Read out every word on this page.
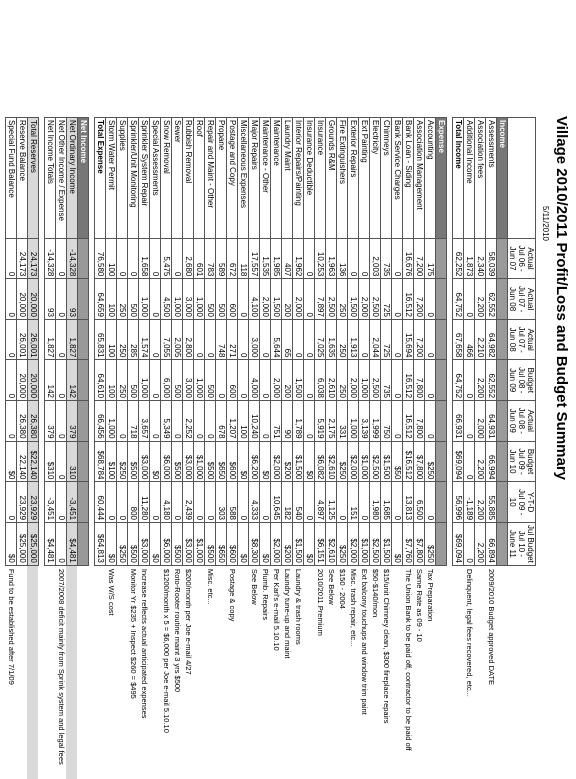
Village 2010/2011 Profit/Loss and Budget Summary
5/11/2010
	Actual
Jul 06 -
Jun 07	Actual
Jul 07 -
Jun 08	Actual
Jul 07 -
Jun 08	Budget
Jul 08 -
Jun 09	Actual
Jul 08 -
Jun 09	Budget
Jul 09 -
Jun 10	Y-T-D
Jul 09 -
10	Jul Budget
Jul 10 -
June 11	
Income									
Assessments	58,039	62,552	64,982	62,552	64,931	66,994	55,885	66,894	2009/2010 Budget approved DATE
Association fees	2,340	2,200	2,210	2,200	2,000	2,200	2,200	2,200	
Additional Income	1,873	0	466	0	0	0	-1,189	0	Delinquent, legal fees recovered, etc...
Total Income	62,252	64,752	67,658	64,752	66,931	$69,094	56,996	$69,094	

Expense									
Accounting	175	0	0	0	0	$250	0	$250	Tax Preparation
Association Management	7,200	7,200	7,200	7,800	7,800	$7,800	6,500	$7,800	Same Rate as 09 - 10
Bank Loan - Siding	16,676	16,512	15,694	16,512	16,512	$16,512	13,813	$7,760	The Union Bank to be paid off, contractor to be paid off
Bank Service Charges	0	0	0	0	0	$50	0	$0	
Chimneys	735	725	725	735	750	$1,500	1,685	$1,500	$15/unit Chimney clean, $300 fireplace repairs
Electricity	2,003	2,500	2,044	2,500	1,999	$2,500	1,980	$2,500	$50-$140/mon
Ext Painting	0	2,000	0	1,000	3,139	$1,000	0	$1,000	Ext balcony touchups and window trim paint
Exterior Repairs	0	1,500	1,913	2,000	1,000	$2,000	151	$2,000	Misc. trash repair, etc...
Fire Extinguishers	136	250	250	250	331	$250	0	$250	$150 - 2004
Grounds R&M	1,963	2,500	1,635	2,610	2,175	$2,610	1,125	$2,610	See Below
Insurance	10,253	7,897	7,025	6,038	5,919	$6,082	4,897	$6,151	2010/2011 Premium
Insurance Deductible	0	0	0	0	0	$0	0	$0	
Interior Repairs/Painting	1,962	2,000	0	1,500	1,789	$1,500	540	$1,500	Laundry & trash rooms
Laundry Maint	407	200	65	200	90	$200	182	$200	Laundry tune-up and maint
Maintenance	1,985	1,500	5,644	2,000	751	$2,000	10,645	$2,000	Per Karl's e-mail 5.10.10
Maintenance - Other	1,535	2,000	0	0	0	$0	0	$0	Plumb. Repairs
Major Repairs	17,557	4,100	3,000	4,000	10,240	$6,200	4,333	$8,300	See Below
Miscellaneous Expenses	118	0	0	0	100	$0	0	$0	
Postage and Copy	672	600	271	600	1,207	$600	588	$600	Postage & copy
Propane	589	500	748	0	678	$650	303	$650	
Repair and Maint - Other	783	500	0	500	0	$500	0	$500	Misc. etc...
Roof	601	1,000	0	1,000	0	$1,000	0	$1,000	
Rubbish Removal	2,680	3,000	2,800	3,000	2,252	$3,000	2,439	$3,000	$200/month per Joe e-mail 4/27
Sewer	0	1,000	2,005	500	0	$500	0	$500	Roto-Rooter routine maint 3 yrs $500
Snow Removal	5,475	4,500	7,055	6,000	5,349	$6,000	4,180	$6,000	$1200/month x 5 = $6,000 per Joe e-mail 5.10.10
Special Assessments	0	0	0	0	0	$0	0	$0	
Sprinkler System Repair	1,658	1,000	1,574	1,000	3,657	$3,000	11,280	$3,000	Increase reflects actual anticipated expenses
Sprinkler/Unit Monitoring	0	500	285	500	718	$500	800	$500	Monitor Yr $235 + Inspect $260 = $495
Supplies	0	250	250	250	0	$250	0	$250	
Storm Water Permit	100	100	100	100	1,000	$100	0	$0	Was W/S cost
Total Expense	76,580	64,659	65,831	64,610	66,456	$68,784	60,444	$64,813	

Net Income									
Net Ordinary Income	-14,328	93	1,827	142	379	310	-3,451	$4,481	
Net Other Income / Expense	0	0	0	0	0	0	0	0	2007/2008 deficit mainly from Sprink system and legal fees
Net Income Totals	-14,328	93	1,827	142	379	$310	-3,451	$4,481	

Total Reserves	24,173	20,000	26,001	20,000	26,380	$22,140	23,929	$25,000	
Reserve Balance	24,173	20,000	26,001	20,000	26,380	22,140	23,929	$25,000	
Special Fund Balance	0	0	0	0	0	$0	0	$0	Fund to be established after 7/1/09
